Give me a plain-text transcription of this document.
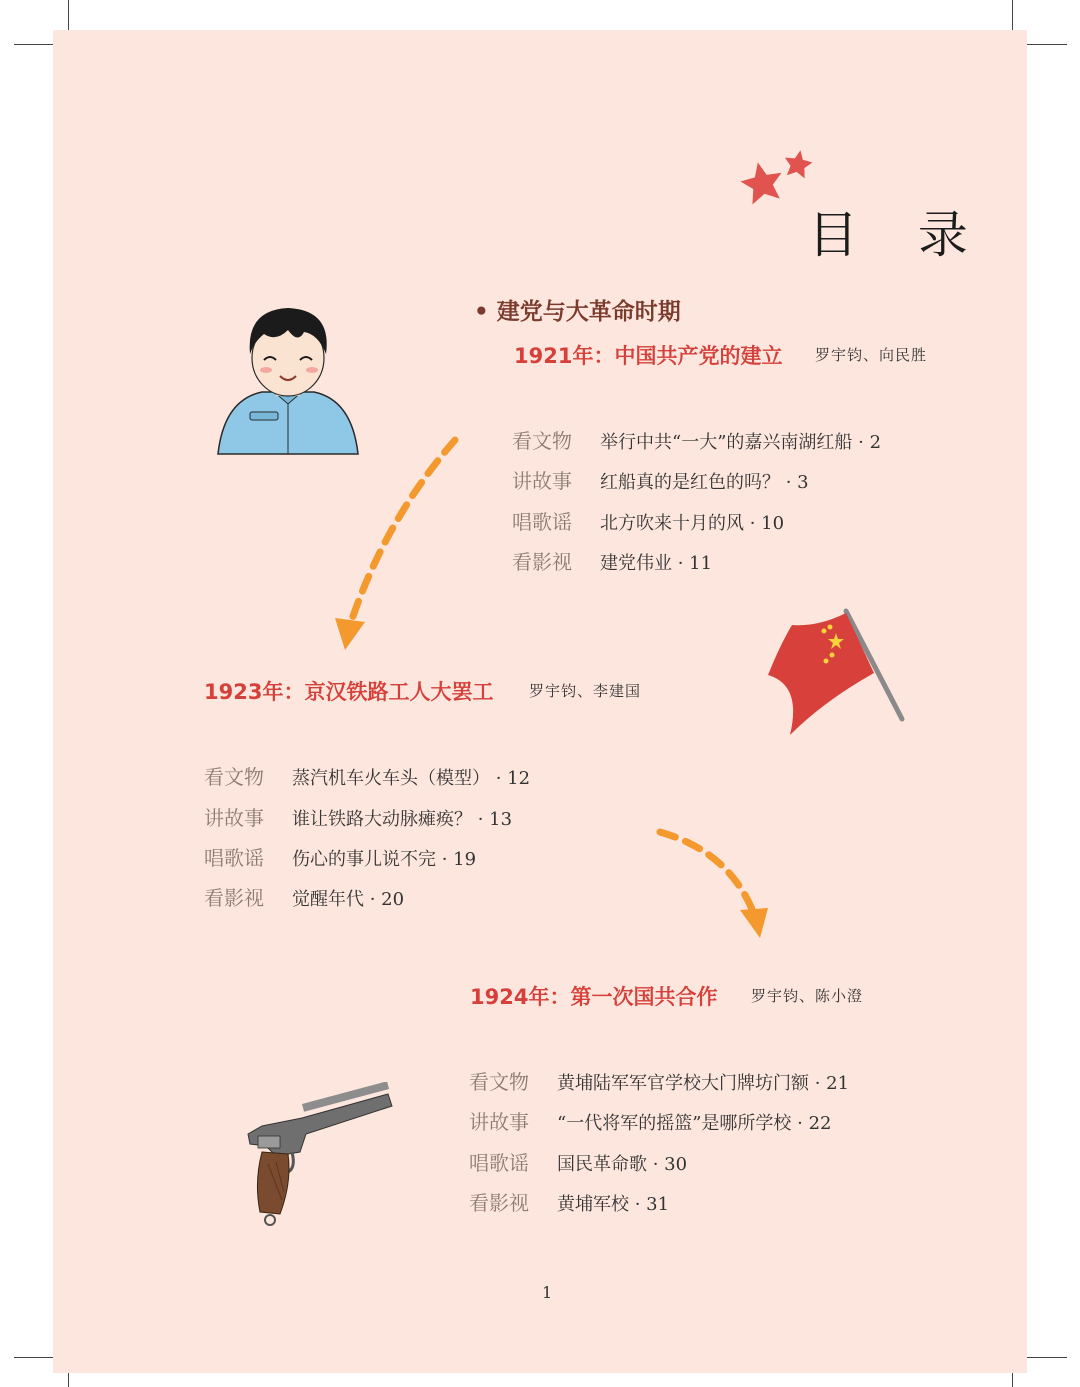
目 录
• 建党与大革命时期
1921年：中国共产党的建立 罗宇钧、向民胜
看文物 举行中共“一大”的嘉兴南湖红船 · 2
讲故事 红船真的是红色的吗？ · 3
唱歌谣 北方吹来十月的风 · 10
看影视 建党伟业 · 11
1923年：京汉铁路工人大罢工 罗宇钧、李建国
看文物 蒸汽机车火车头（模型） · 12
讲故事 谁让铁路大动脉瘫痪？ · 13
唱歌谣 伤心的事儿说不完 · 19
看影视 觉醒年代 · 20
1924年：第一次国共合作 罗宇钧、陈小澄
看文物 黄埔陆军军官学校大门牌坊门额 · 21
讲故事 “一代将军的摇篮”是哪所学校 · 22
唱歌谣 国民革命歌 · 30
看影视 黄埔军校 · 31
1
